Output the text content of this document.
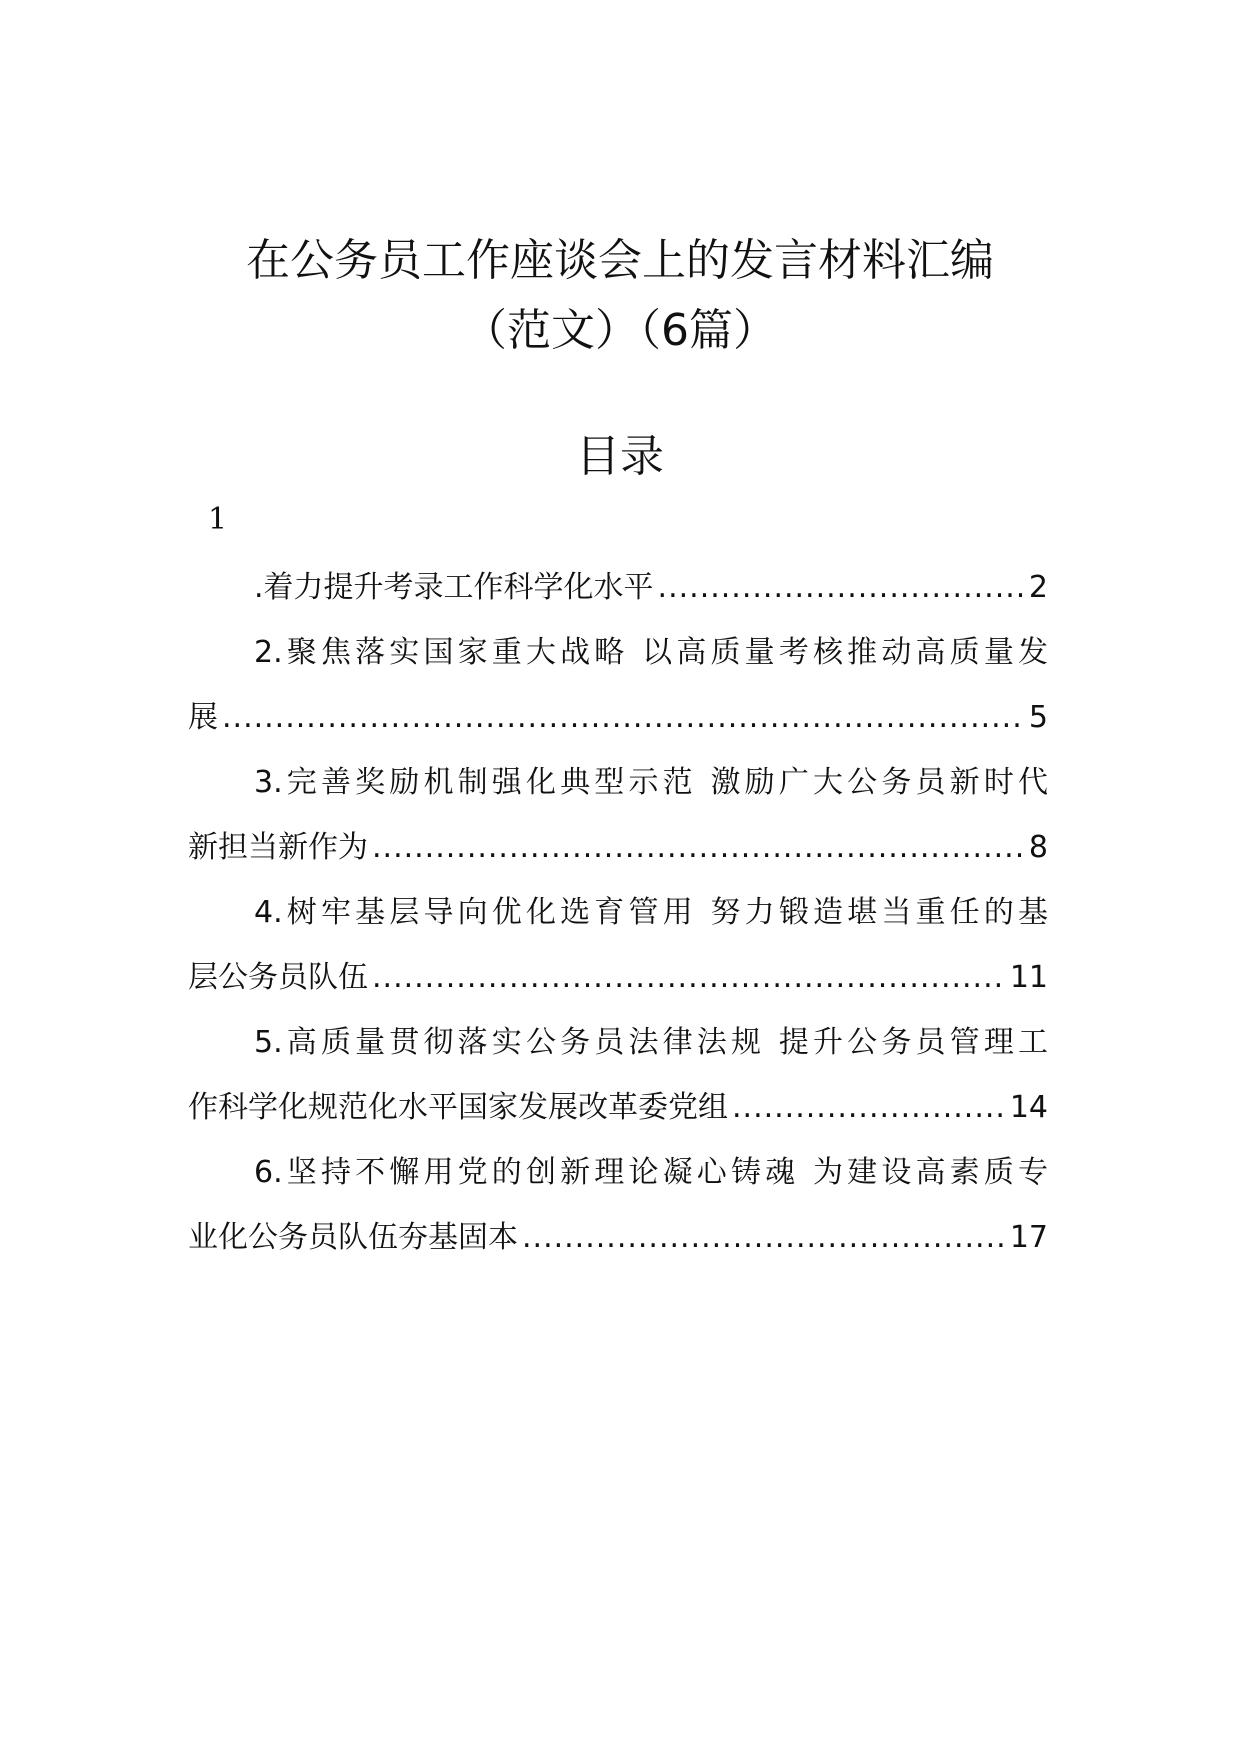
在公务员工作座谈会上的发言材料汇编
（范文）（6篇）
目录
1
.着力提升考录工作科学化水平 .....	2
2.聚焦落实国家重大战略 以高质量考核推动高质量发
展 .....	5
3.完善奖励机制强化典型示范 激励广大公务员新时代
新担当新作为 .....	8
4.树牢基层导向优化选育管用 努力锻造堪当重任的基
层公务员队伍 .....	11
5.高质量贯彻落实公务员法律法规 提升公务员管理工
作科学化规范化水平国家发展改革委党组 .....	14
6.坚持不懈用党的创新理论凝心铸魂 为建设高素质专
业化公务员队伍夯基固本 .....	17
